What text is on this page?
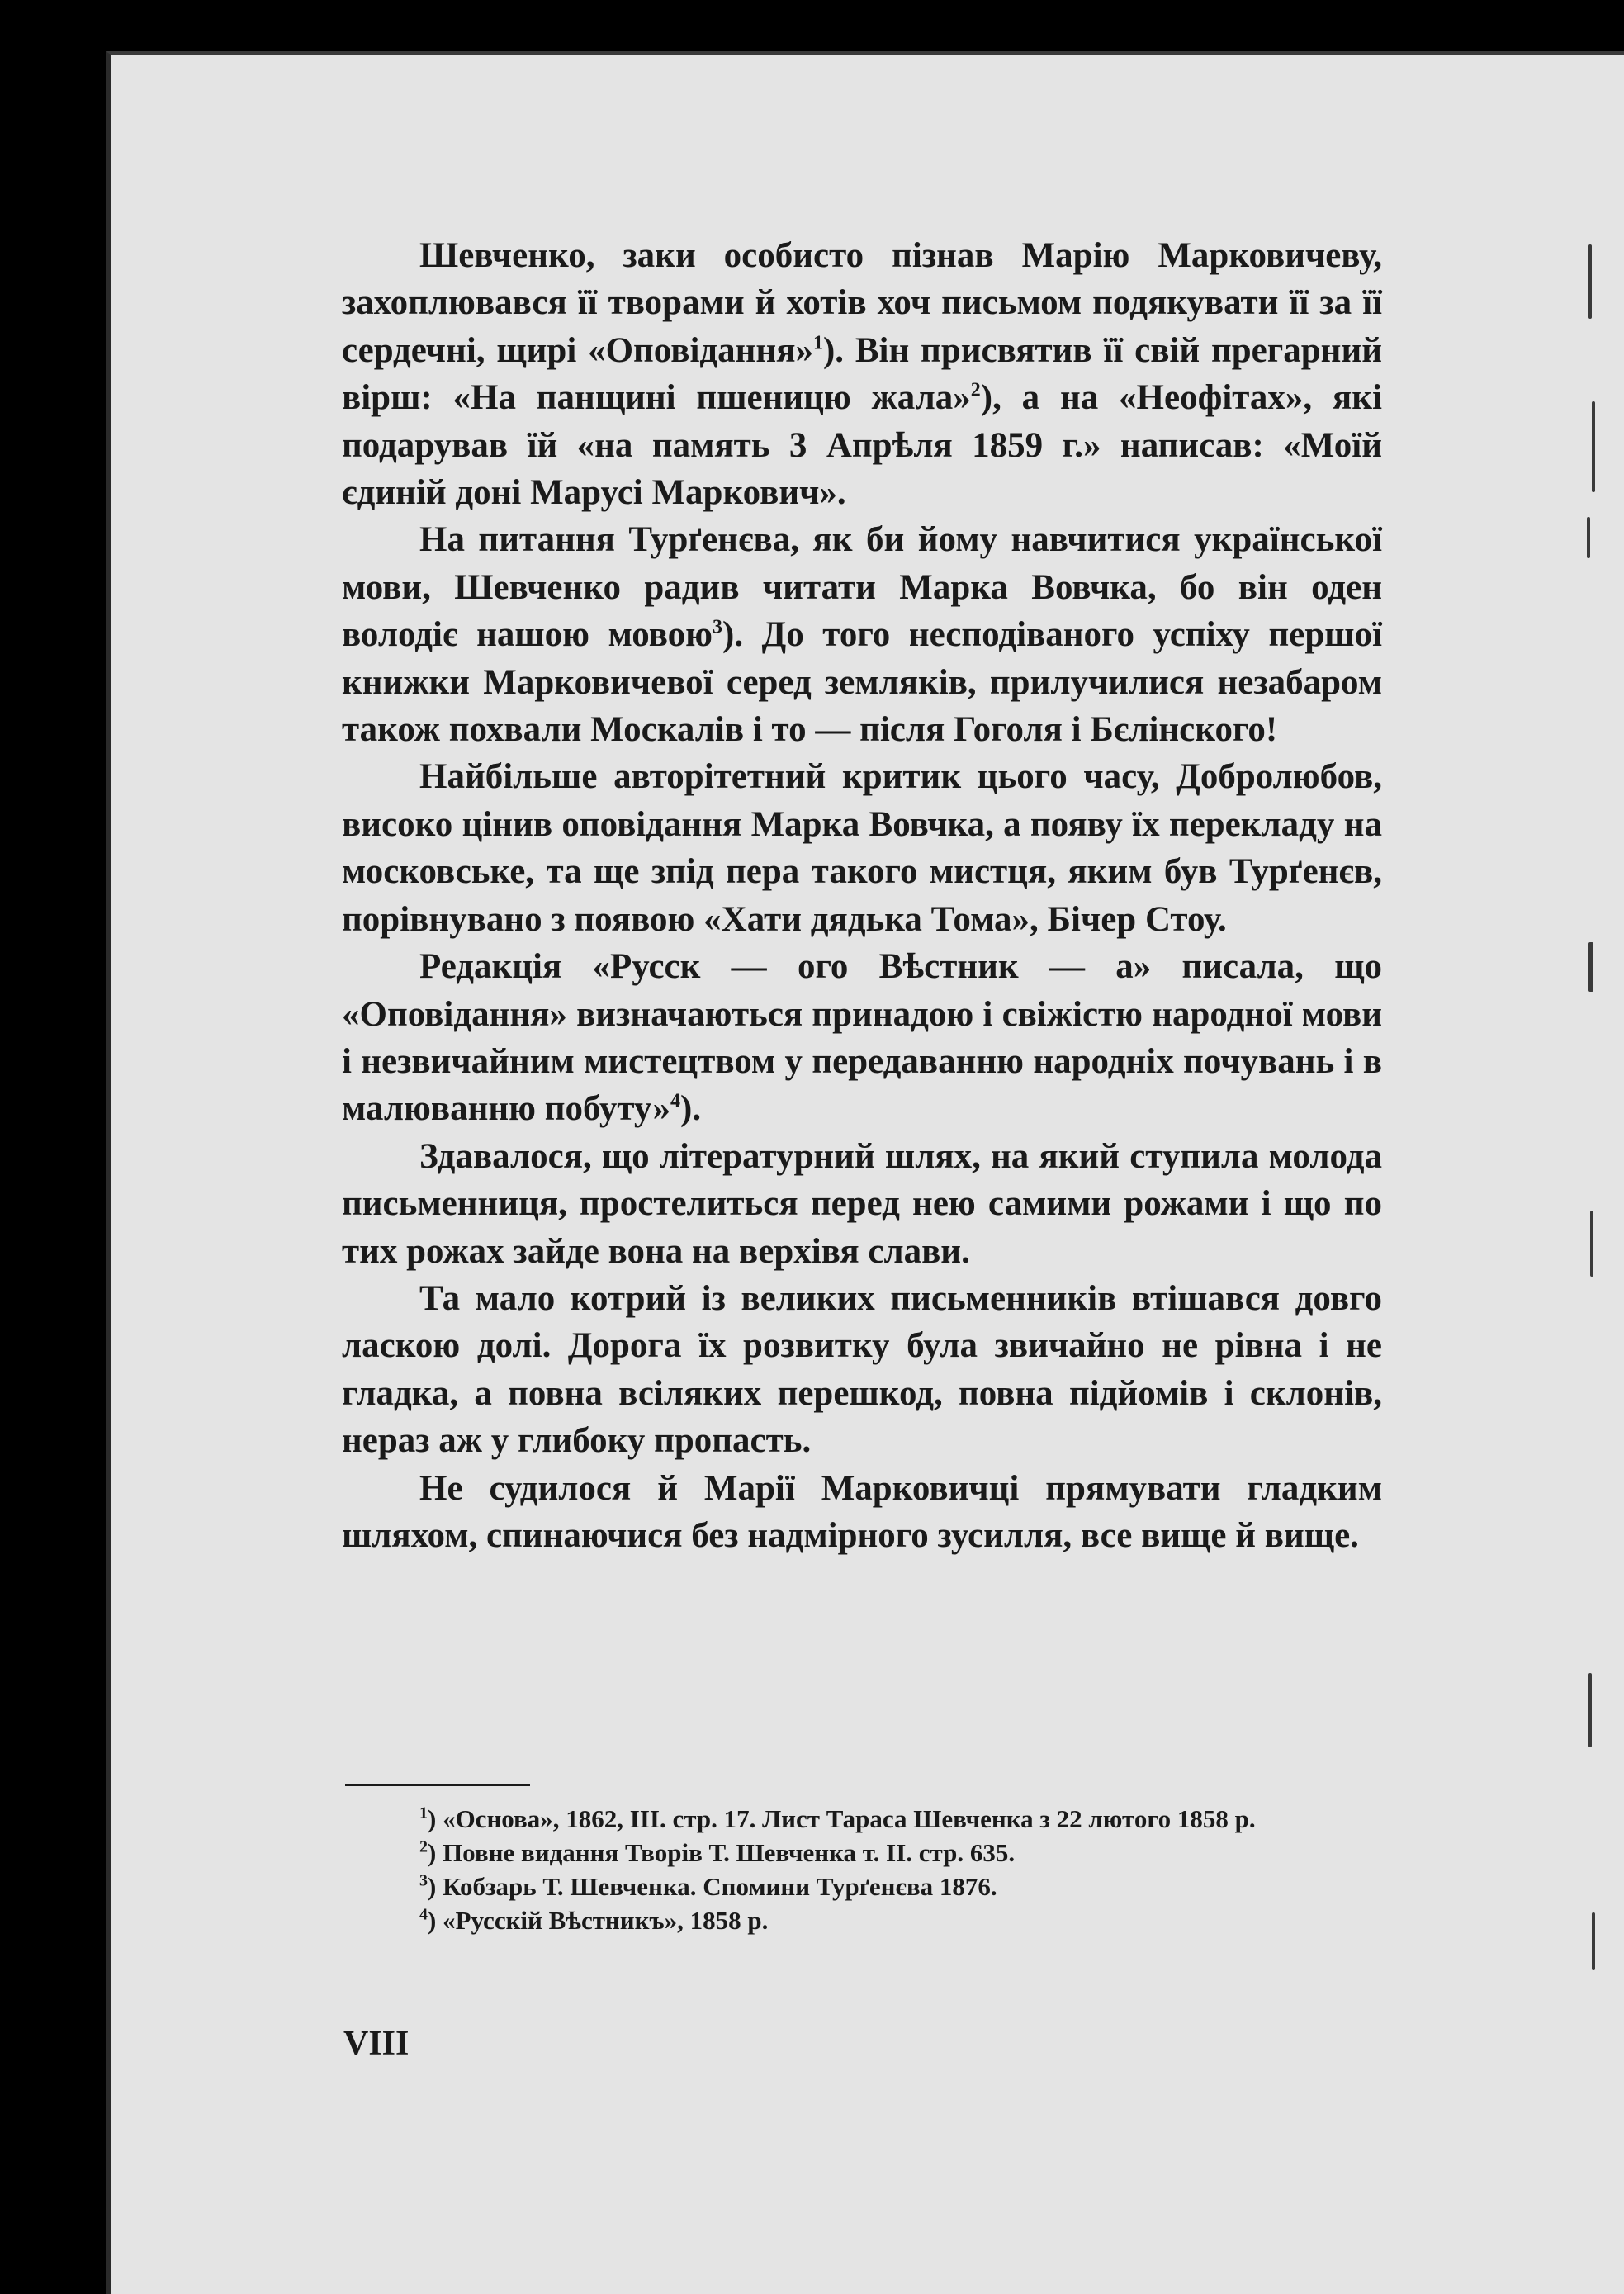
Шевченко, заки особисто пізнав Марію Марковичеву, захоплювався її творами й хотів хоч письмом подякувати її за її сердечні, щирі «Оповідання»$^1$). Він присвятив її свій прегарний вірш: «На панщині пшеницю жала»$^2$), а на «Неофітах», які подарував їй «на память 3 Апрѣля 1859 г.» написав: «Моїй єдиній доні Марусі Маркович».

На питання Турґенєва, як би йому навчитися української мови, Шевченко радив читати Марка Вовчка, бо він оден володіє нашою мовою$^3$). До того несподіваного успіху першої книжки Марковичевої серед земляків, прилучилися незабаром також похвали Москалів і то — після Гоголя і Бєлінского!

Найбільше авторітетний критик цього часу, Добролюбов, високо цінив оповідання Марка Вовчка, а появу їх перекладу на московське, та ще зпід пера такого мистця, яким був Турґенєв, порівнувано з появою «Хати дядька Тома», Бічер Стоу.

Редакція «Русск — ого Вѣстник — а» писала, що «Оповідання» визначаються принадою і свіжістю народної мови і незвичайним мистецтвом у передаванню народніх почувань і в малюванню побуту»$^4$).

Здавалося, що літературний шлях, на який ступила молода письменниця, простелиться перед нею самими рожами і що по тих рожах зайде вона на верхівя слави.

Та мало котрий із великих письменників втішався довго ласкою долі. Дорога їх розвитку була звичайно не рівна і не гладка, а повна всіляких перешкод, повна підйомів і склонів, нераз аж у глибоку пропасть.

Не судилося й Марії Марковичці прямувати гладким шляхом, спинаючися без надмірного зусилля, все вище й вище.

$^1$) «Основа», 1862, III. стр. 17. Лист Тараса Шевченка з 22 лютого 1858 р.

$^2$) Повне видання Творів Т. Шевченка т. II. стр. 635.

$^3$) Кобзарь Т. Шевченка. Спомини Турґенєва 1876.

$^4$) «Русскій Вѣстникъ», 1858 р.

VIII
